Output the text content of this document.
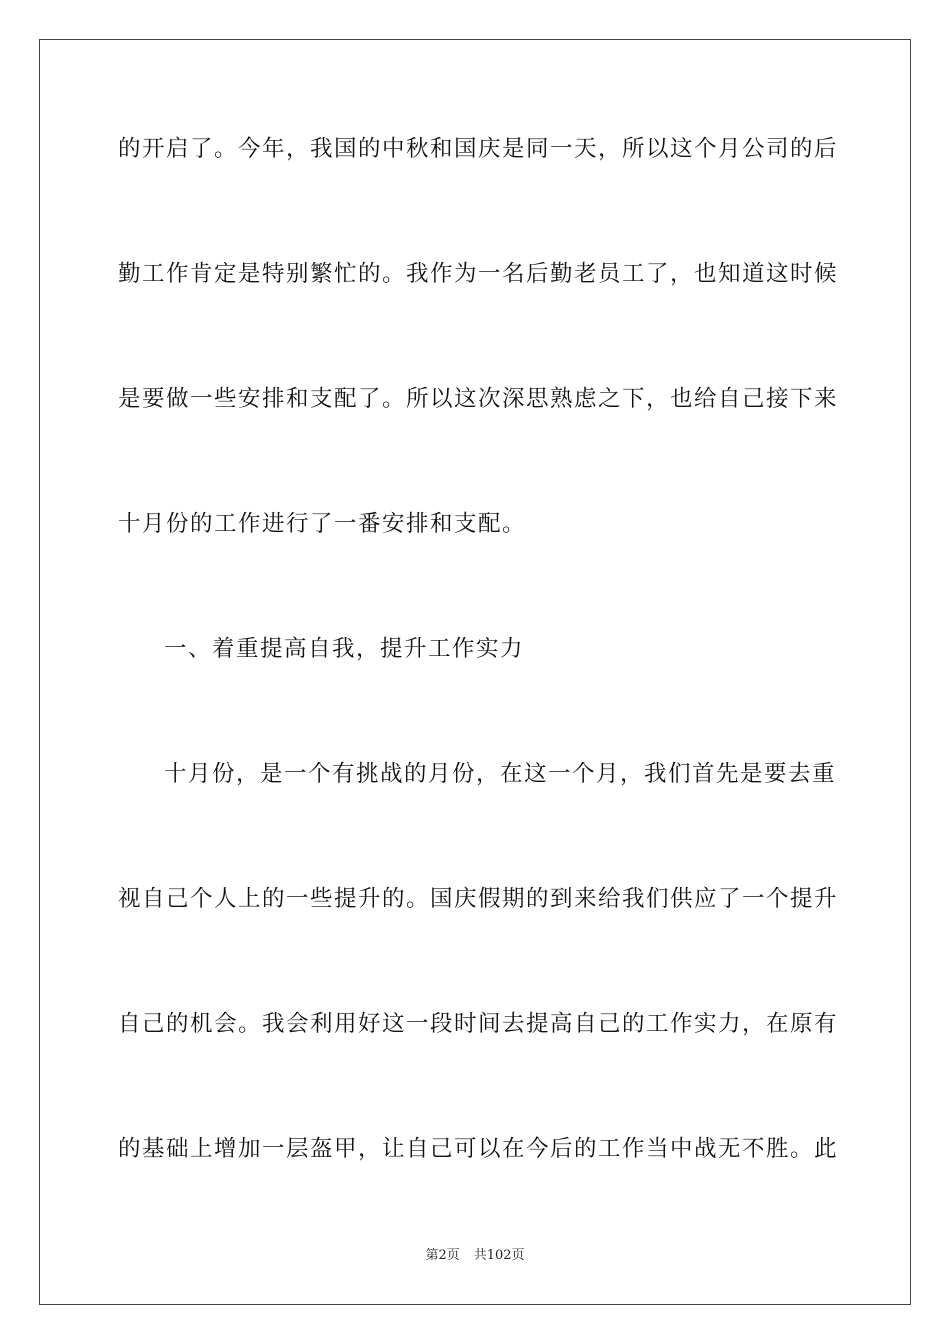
的开启了。今年，我国的中秋和国庆是同一天，所以这个月公司的后
勤工作肯定是特别繁忙的。我作为一名后勤老员工了，也知道这时候
是要做一些安排和支配了。所以这次深思熟虑之下，也给自己接下来
十月份的工作进行了一番安排和支配。
一、着重提高自我，提升工作实力
十月份，是一个有挑战的月份，在这一个月，我们首先是要去重
视自己个人上的一些提升的。国庆假期的到来给我们供应了一个提升
自己的机会。我会利用好这一段时间去提高自己的工作实力，在原有
的基础上增加一层盔甲，让自己可以在今后的工作当中战无不胜。此
第2页 共102页
